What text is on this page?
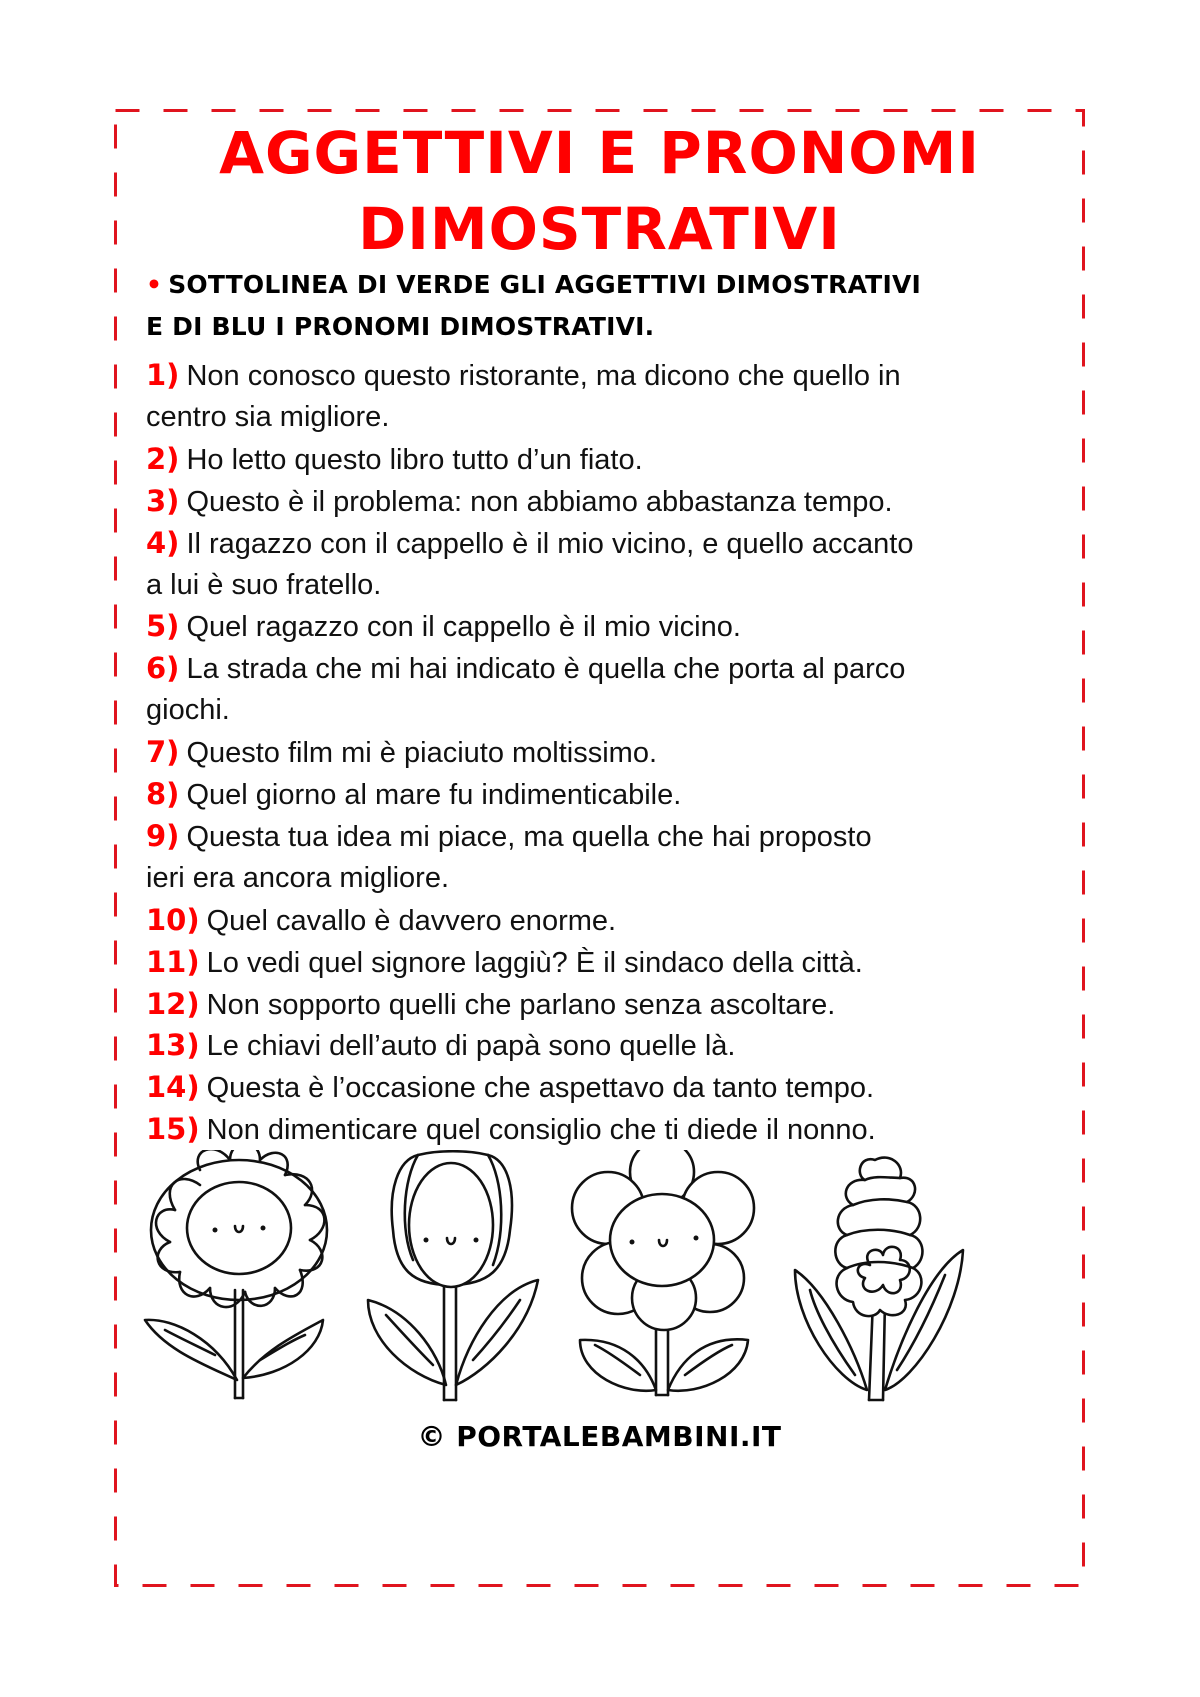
AGGETTIVI E PRONOMI
DIMOSTRATIVI
• SOTTOLINEA DI VERDE GLI AGGETTIVI DIMOSTRATIVI
E DI BLU I PRONOMI DIMOSTRATIVI.
1) Non conosco questo ristorante, ma dicono che quello in
centro sia migliore.
2) Ho letto questo libro tutto d’un fiato.
3) Questo è il problema: non abbiamo abbastanza tempo.
4) Il ragazzo con il cappello è il mio vicino, e quello accanto
a lui è suo fratello.
5) Quel ragazzo con il cappello è il mio vicino.
6) La strada che mi hai indicato è quella che porta al parco
giochi.
7) Questo film mi è piaciuto moltissimo.
8) Quel giorno al mare fu indimenticabile.
9) Questa tua idea mi piace, ma quella che hai proposto
ieri era ancora migliore.
10) Quel cavallo è davvero enorme.
11) Lo vedi quel signore laggiù? È il sindaco della città.
12) Non sopporto quelli che parlano senza ascoltare.
13) Le chiavi dell’auto di papà sono quelle là.
14) Questa è l’occasione che aspettavo da tanto tempo.
15) Non dimenticare quel consiglio che ti diede il nonno.
© PORTALEBAMBINI.IT
